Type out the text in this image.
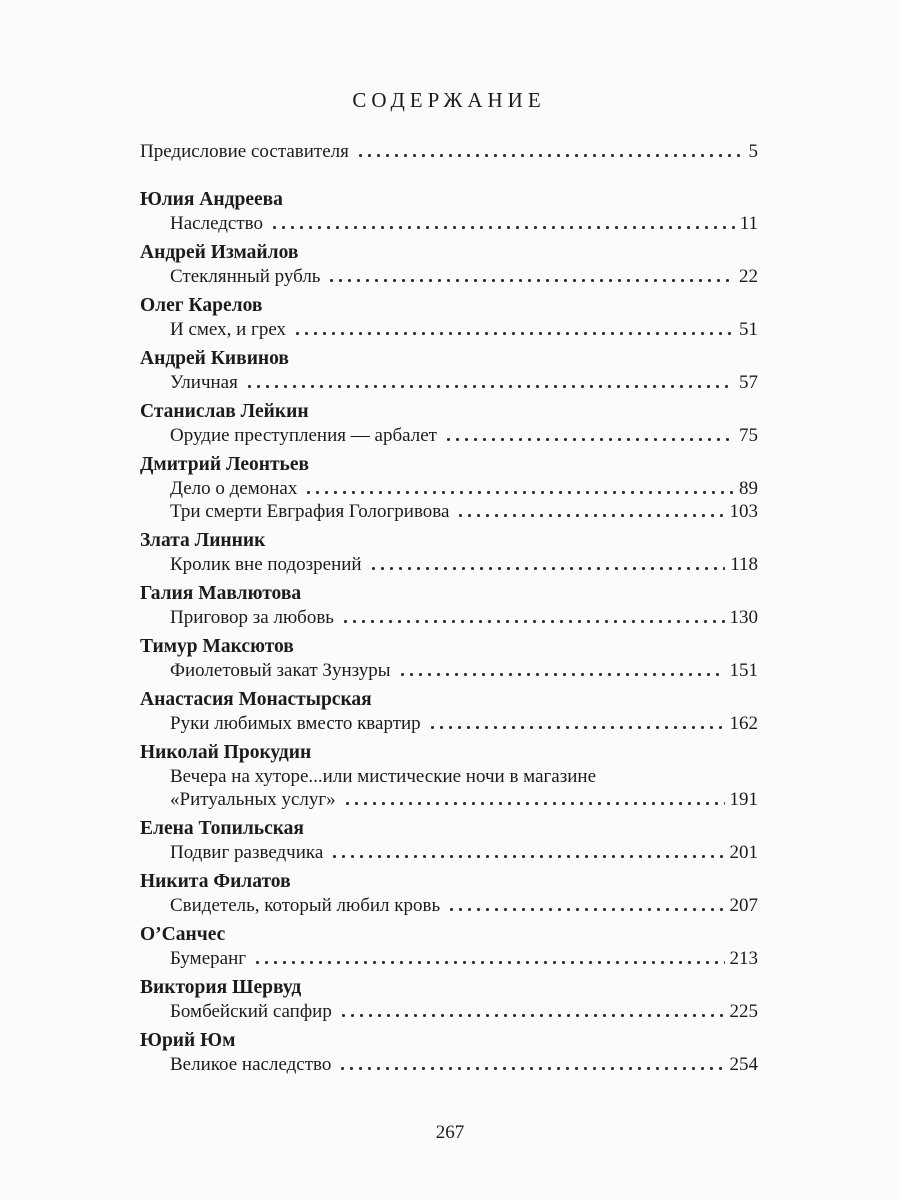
СОДЕРЖАНИЕ
Предисловие составителя	5
Юлия Андреева
Наследство	11
Андрей Измайлов
Стеклянный рубль	22
Олег Карелов
И смех, и грех	51
Андрей Кивинов
Уличная	57
Станислав Лейкин
Орудие преступления — арбалет	75
Дмитрий Леонтьев
Дело о демонах	89
Три смерти Евграфия Гологривова	103
Злата Линник
Кролик вне подозрений	118
Галия Мавлютова
Приговор за любовь	130
Тимур Максютов
Фиолетовый закат Зунзуры	151
Анастасия Монастырская
Руки любимых вместо квартир	162
Николай Прокудин
Вечера на хуторе...или мистические ночи в магазине
«Ритуальных услуг»	191
Елена Топильская
Подвиг разведчика	201
Никита Филатов
Свидетель, который любил кровь	207
О’Санчес
Бумеранг	213
Виктория Шервуд
Бомбейский сапфир	225
Юрий Юм
Великое наследство	254
267
